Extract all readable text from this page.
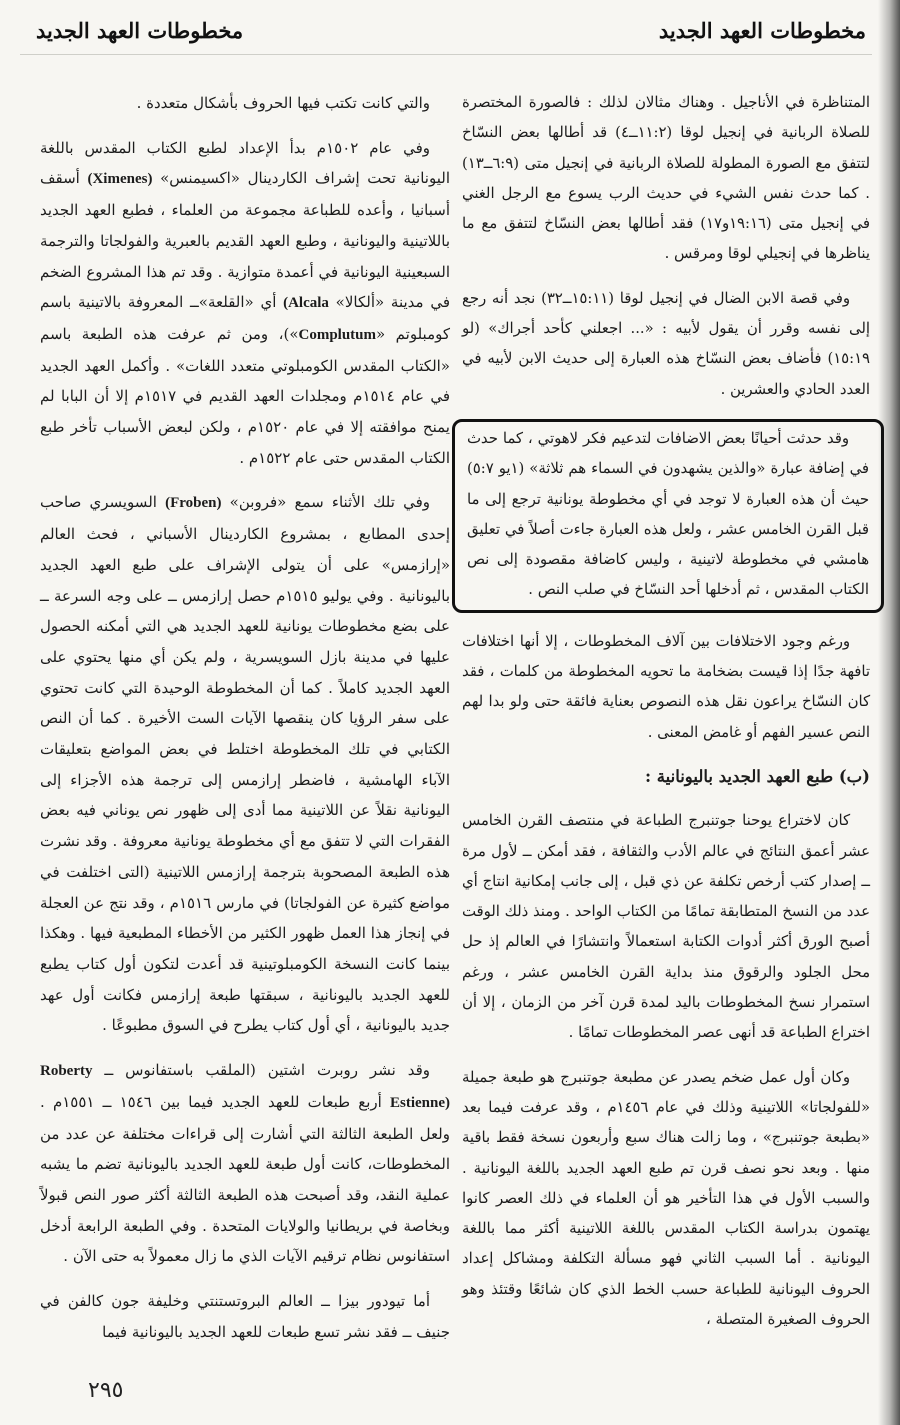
مخطوطات العهد الجديد
مخطوطات العهد الجديد

المتناظرة في الأناجيل . وهناك مثالان لذلك : فالصورة المختصرة للصلاة الربانية في إنجيل لوقا (١١:٢ــ٤) قد أطالها بعض النسّاخ لتتفق مع الصورة المطولة للصلاة الربانية في إنجيل متى (٦:٩ــ١٣) . كما حدث نفس الشيء في حديث الرب يسوع مع الرجل الغني في إنجيل متى (١٩:١٦و١٧) فقد أطالها بعض النسّاخ لتتفق مع ما يناظرها في إنجيلي لوقا ومرقس .

وفي قصة الابن الضال في إنجيل لوقا (١٥:١١ــ٣٢) نجد أنه رجع إلى نفسه وقرر أن يقول لأبيه : «... اجعلني كأحد أجراك» (لو ١٥:١٩) فأضاف بعض النسّاخ هذه العبارة إلى حديث الابن لأبيه في العدد الحادي والعشرين .

وقد حدثت أحيانًا بعض الاضافات لتدعيم فكر لاهوتي ، كما حدث في إضافة عبارة «والذين يشهدون في السماء هم ثلاثة» (١يو ٥:٧) حيث أن هذه العبارة لا توجد في أي مخطوطة يونانية ترجع إلى ما قبل القرن الخامس عشر ، ولعل هذه العبارة جاءت أصلاً في تعليق هامشي في مخطوطة لاتينية ، وليس كاضافة مقصودة إلى نص الكتاب المقدس ، ثم أدخلها أحد النسّاخ في صلب النص .

ورغم وجود الاختلافات بين آلاف المخطوطات ، إلا أنها اختلافات تافهة جدًا إذا قيست بضخامة ما تحويه المخطوطة من كلمات ، فقد كان النسّاخ يراعون نقل هذه النصوص بعناية فائقة حتى ولو بدا لهم النص عسير الفهم أو غامض المعنى .

(ب) طبع العهد الجديد باليونانية :

كان لاختراع يوحنا جوتنبرج الطباعة في منتصف القرن الخامس عشر أعمق النتائج في عالم الأدب والثقافة ، فقد أمكن ــ لأول مرة ــ إصدار كتب أرخص تكلفة عن ذي قبل ، إلى جانب إمكانية انتاج أي عدد من النسخ المتطابقة تمامًا من الكتاب الواحد . ومنذ ذلك الوقت أصبح الورق أكثر أدوات الكتابة استعمالاً وانتشارًا في العالم إذ حل محل الجلود والرقوق منذ بداية القرن الخامس عشر ، ورغم استمرار نسخ المخطوطات باليد لمدة قرن آخر من الزمان ، إلا أن اختراع الطباعة قد أنهى عصر المخطوطات تمامًا .

وكان أول عمل ضخم يصدر عن مطبعة جوتنبرج هو طبعة جميلة «للفولجاتا» اللاتينية وذلك في عام ١٤٥٦م ، وقد عرفت فيما بعد «بطبعة جوتنبرج» ، وما زالت هناك سبع وأربعون نسخة فقط باقية منها . وبعد نحو نصف قرن تم طبع العهد الجديد باللغة اليونانية . والسبب الأول في هذا التأخير هو أن العلماء في ذلك العصر كانوا يهتمون بدراسة الكتاب المقدس باللغة اللاتينية أكثر مما باللغة اليونانية . أما السبب الثاني فهو مسألة التكلفة ومشاكل إعداد الحروف اليونانية للطباعة حسب الخط الذي كان شائعًا وقتئذ وهو الحروف الصغيرة المتصلة ،

والتي كانت تكتب فيها الحروف بأشكال متعددة .

وفي عام ١٥٠٢م بدأ الإعداد لطبع الكتاب المقدس باللغة اليونانية تحت إشراف الكاردينال «اكسيمنس» (Ximenes) أسقف أسبانيا ، وأعده للطباعة مجموعة من العلماء ، فطبع العهد الجديد باللاتينية واليونانية ، وطبع العهد القديم بالعبرية والفولجاتا والترجمة السبعينية اليونانية في أعمدة متوازية . وقد تم هذا المشروع الضخم في مدينة «ألكالا» (Alcala أي «القلعة»ــ المعروفة بالاتينية باسم كومبلوتم «Complutum»)، ومن ثم عرفت هذه الطبعة باسم «الكتاب المقدس الكومبلوتي متعدد اللغات» . وأكمل العهد الجديد في عام ١٥١٤م ومجلدات العهد القديم في ١٥١٧م إلا أن البابا لم يمنح موافقته إلا في عام ١٥٢٠م ، ولكن لبعض الأسباب تأخر طبع الكتاب المقدس حتى عام ١٥٢٢م .

وفي تلك الأثناء سمع «فروبن» (Froben) السويسري صاحب إحدى المطابع ، بمشروع الكاردينال الأسباني ، فحث العالم «إرازمس» على أن يتولى الإشراف على طبع العهد الجديد باليونانية . وفي يوليو ١٥١٥م حصل إرازمس ــ على وجه السرعة ــ على بضع مخطوطات يونانية للعهد الجديد هي التي أمكنه الحصول عليها في مدينة بازل السويسرية ، ولم يكن أي منها يحتوي على العهد الجديد كاملاً . كما أن المخطوطة الوحيدة التي كانت تحتوي على سفر الرؤيا كان ينقصها الآيات الست الأخيرة . كما أن النص الكتابي في تلك المخطوطة اختلط في بعض المواضع بتعليقات الآباء الهامشية ، فاضطر إرازمس إلى ترجمة هذه الأجزاء إلى اليونانية نقلاً عن اللاتينية مما أدى إلى ظهور نص يوناني فيه بعض الفقرات التي لا تتفق مع أي مخطوطة يونانية معروفة . وقد نشرت هذه الطبعة المصحوبة بترجمة إرازمس اللاتينية (التى اختلفت في مواضع كثيرة عن الفولجاتا) في مارس ١٥١٦م ، وقد نتج عن العجلة في إنجاز هذا العمل ظهور الكثير من الأخطاء المطبعية فيها . وهكذا بينما كانت النسخة الكومبلوتينية قد أعدت لتكون أول كتاب يطبع للعهد الجديد باليونانية ، سبقتها طبعة إرازمس فكانت أول عهد جديد باليونانية ، أي أول كتاب يطرح في السوق مطبوعًا .

وقد نشر روبرت اشتين (الملقب باستفانوس ــ Roberty Estienne) أربع طبعات للعهد الجديد فيما بين ١٥٤٦ ــ ١٥٥١م . ولعل الطبعة الثالثة التي أشارت إلى قراءات مختلفة عن عدد من المخطوطات، كانت أول طبعة للعهد الجديد باليونانية تضم ما يشبه عملية النقد، وقد أصبحت هذه الطبعة الثالثة أكثر صور النص قبولاً وبخاصة في بريطانيا والولايات المتحدة . وفي الطبعة الرابعة أدخل استفانوس نظام ترقيم الآيات الذي ما زال معمولاً به حتى الآن .

أما تيودور بيزا ــ العالم البروتستنتي وخليفة جون كالفن في جنيف ــ فقد نشر تسع طبعات للعهد الجديد باليونانية فيما

٢٩٥
